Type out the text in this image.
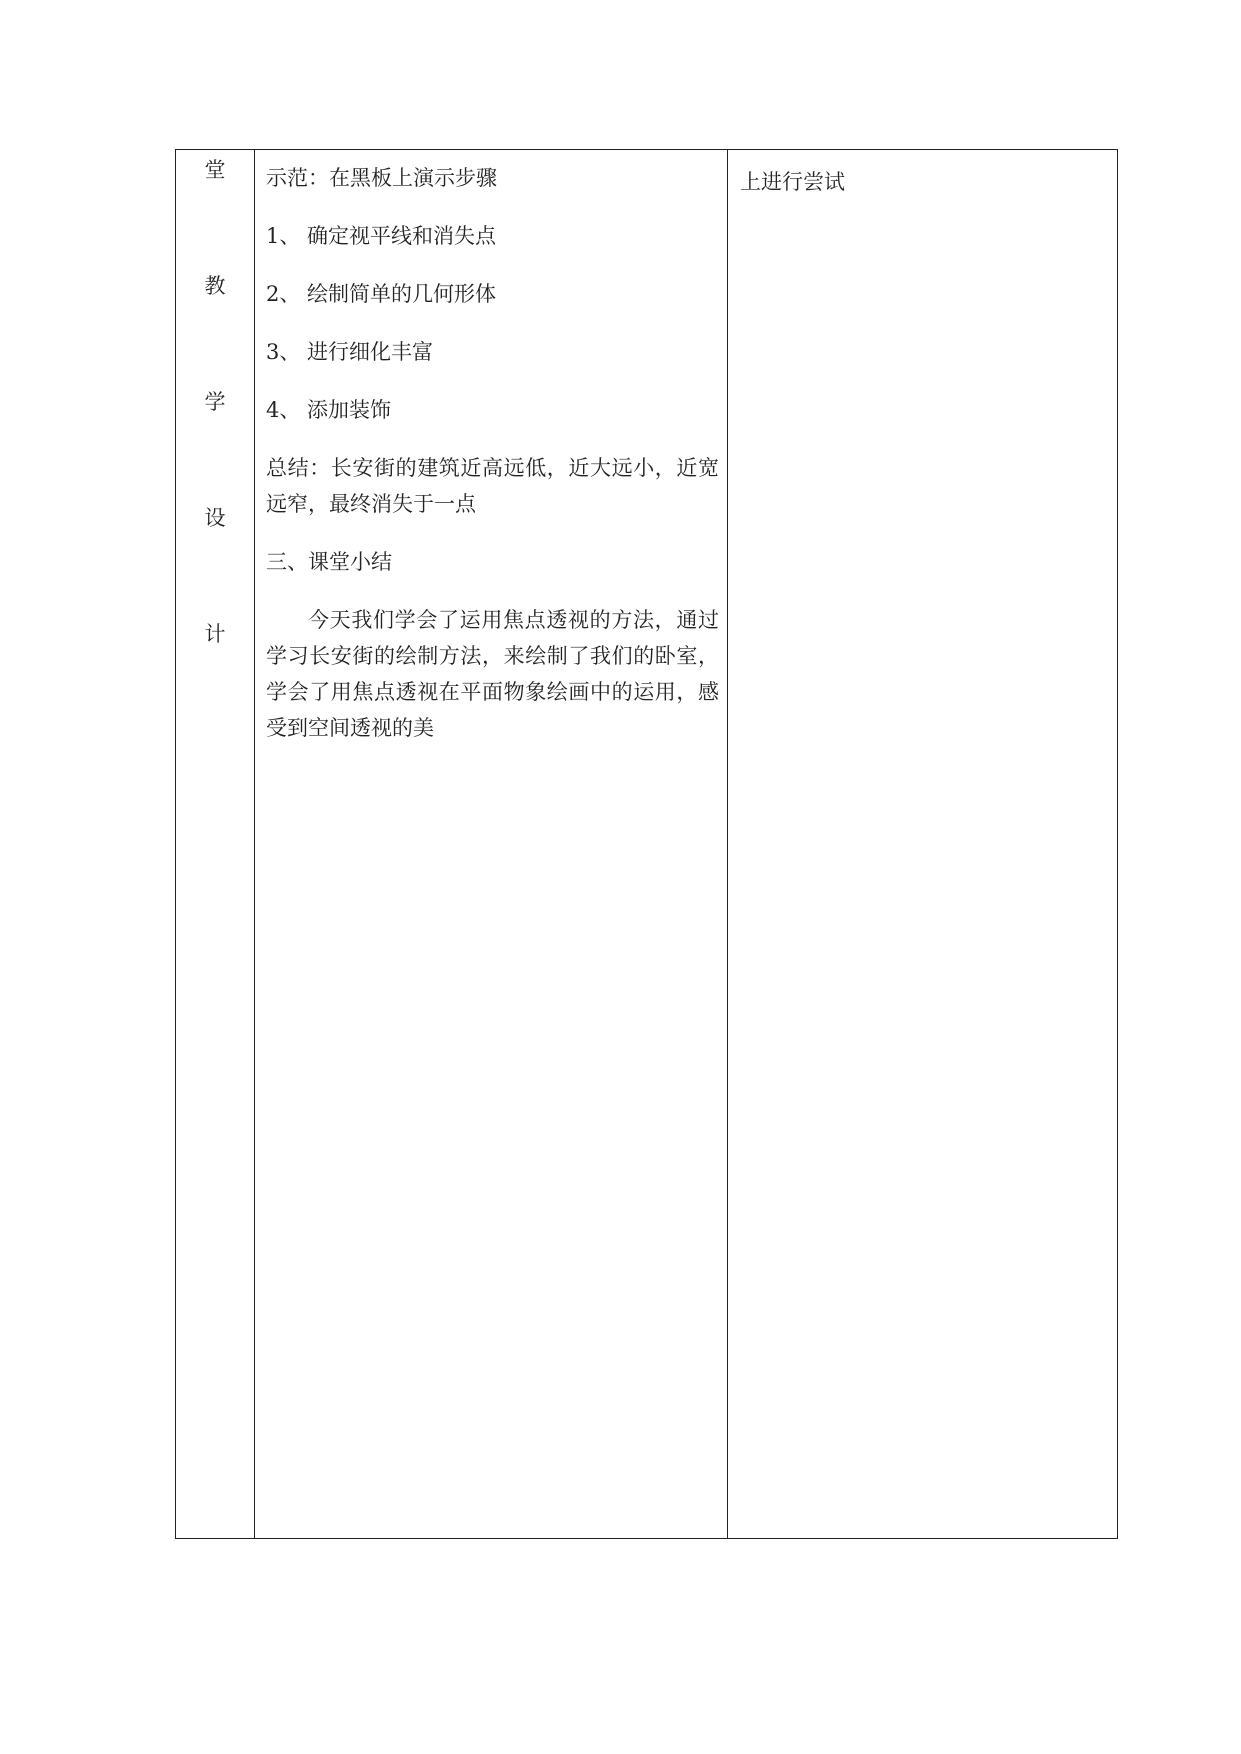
堂
教
学
设
计

示范：在黑板上演示步骤

1、 确定视平线和消失点

2、 绘制简单的几何形体

3、 进行细化丰富

4、 添加装饰

总结：长安街的建筑近高远低，近大远小，近宽远窄，最终消失于一点

三、课堂小结

今天我们学会了运用焦点透视的方法，通过学习长安街的绘制方法，来绘制了我们的卧室，学会了用焦点透视在平面物象绘画中的运用，感受到空间透视的美

上进行尝试
